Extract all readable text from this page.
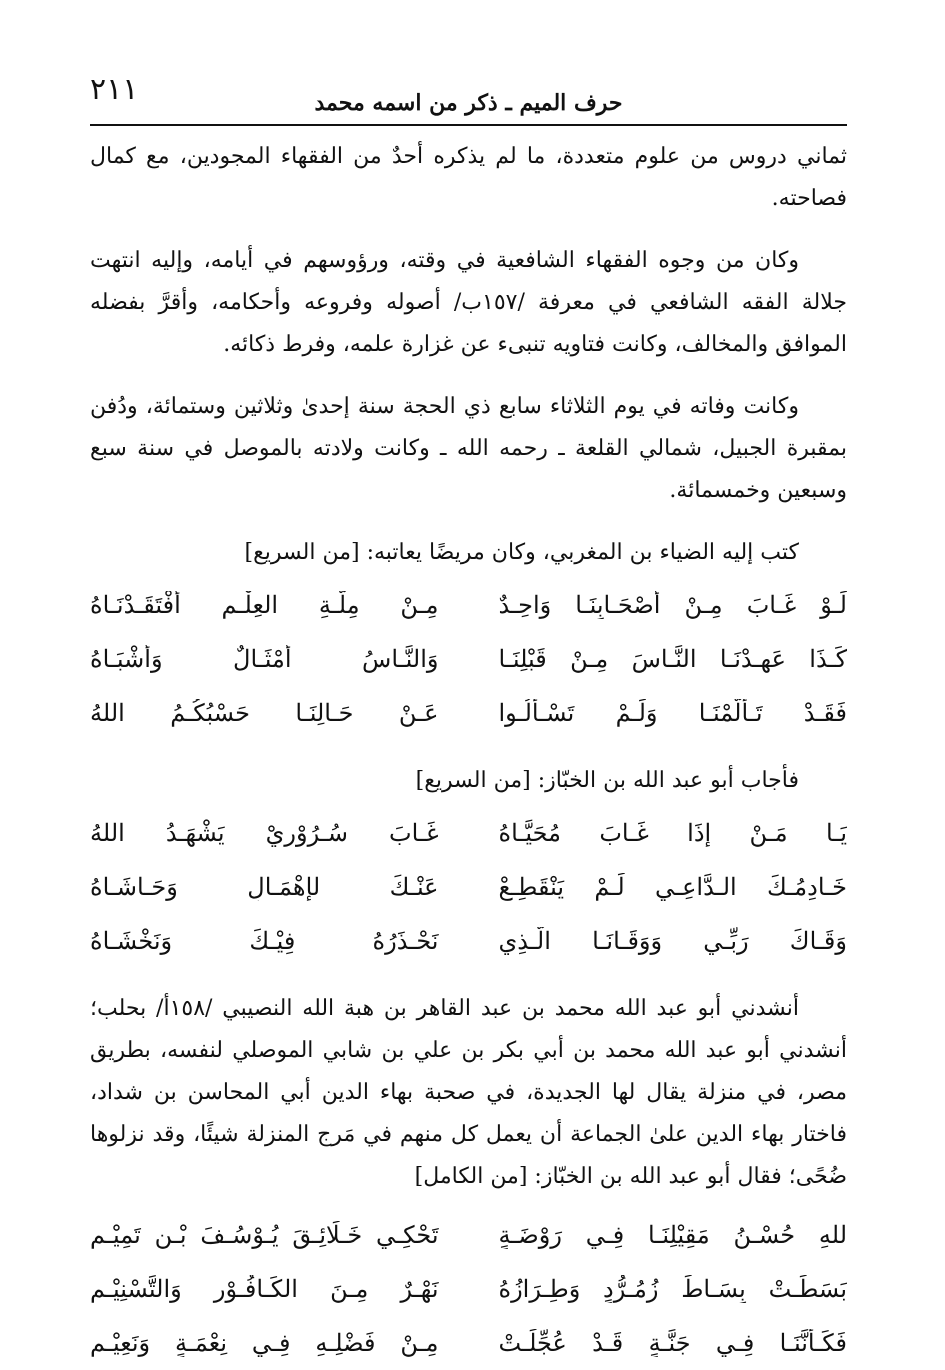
٢١١	حرف الميم ـ ذكر من اسمه محمد

ثماني دروس من علوم متعددة، ما لم يذكره أحدٌ من الفقهاء المجودين، مع كمال فصاحته.

وكان من وجوه الفقهاء الشافعية في وقته، ورؤوسهم في أيامه، وإليه انتهت جلالة الفقه الشافعي في معرفة /١٥٧ب/ أصوله وفروعه وأحكامه، وأقرَّ بفضله الموافق والمخالف، وكانت فتاويه تنبىء عن غزارة علمه، وفرط ذكائه.

وكانت وفاته في يوم الثلاثاء سابع ذي الحجة سنة إحدىٰ وثلاثين وستمائة، ودُفن بمقبرة الجبيل، شمالي القلعة ـ رحمه الله ـ وكانت ولادته بالموصل في سنة سبع وسبعين وخمسمائة.

كتب إليه الضياء بن المغربي، وكان مريضًا يعاتبه: [من السريع]

لَـوْ غَـابَ مِـنْ أَصْحَـابِنَـا وَاحِـدٌ
مِـنْ مِلَّـةِ العِلْـمِ أَفْتَقَـدْنَـاهُ
كَـذَا عَهِـدْنَـا النَّـاسَ مِـنْ قَبْلِنَـا
وَالنَّـاسُ أَمْثَـالٌ وَأَشْبَـاهُ
فَقَـدْ تَـأَلَّمْنَـا وَلَـمْ تَسْـأَلُـوا
عَـنْ حَـالِنَـا حَسْبُكُـمُ اللهُ

فأجاب أبو عبد الله بن الخبّاز: [من السريع]

يَـا مَـنْ إِذَا غَـابَ مُحَيَّـاهُ
غَـابَ سُـرُوْرِيْ يَشْهَـدُ اللهُ
خَـادِمُـكَ الـدَّاعِـي لَـمْ يَنْقَطِـعْ
عَنْـكَ لإِهْمَـالٍ وَحَـاشَـاهُ
وَقَـاكَ رَبِّـي وَوَقَـانَـا الَّـذِي
نَحْـذَرُهُ فِيْـكَ وَنَخْشَـاهُ

أنشدني أبو عبد الله محمد بن عبد القاهر بن هبة الله النصيبي /١٥٨أ/ بحلب؛ أنشدني أبو عبد الله محمد بن أبي بكر بن علي بن شابي الموصلي لنفسه، بطريق مصر، في منزلة يقال لها الجديدة، في صحبة بهاء الدين أبي المحاسن بن شداد، فاختار بهاء الدين علىٰ الجماعة أن يعمل كل منهم في مَرج المنزلة شيئًا، وقد نزلوها ضُحًى؛ فقال أبو عبد الله بن الخبّاز: [من الكامل]

للهِ حُسْـنُ مَقِيْلِنَـا فِـي رَوْضَـةٍ
تَحْكِـي خَـلَائِـقَ يُـوْسُـفَ بْـنِ تَمِيْـمِ
بَسَطَـتْ بِسَـاطَ زُمُـرُّدٍ وَطِـرَازُهُ
نَهْـرٌ مِـنَ الكَـافُـوْرِ وَالتَّسْنِيْـمِ
فَكَـأَنَّنَـا فِـي جَنَّـةٍ قَـدْ عُجِّلَـتْ
مِـنْ فَضْلِـهِ فِـي نِعْمَـةٍ وَنَعِيْـمِ
